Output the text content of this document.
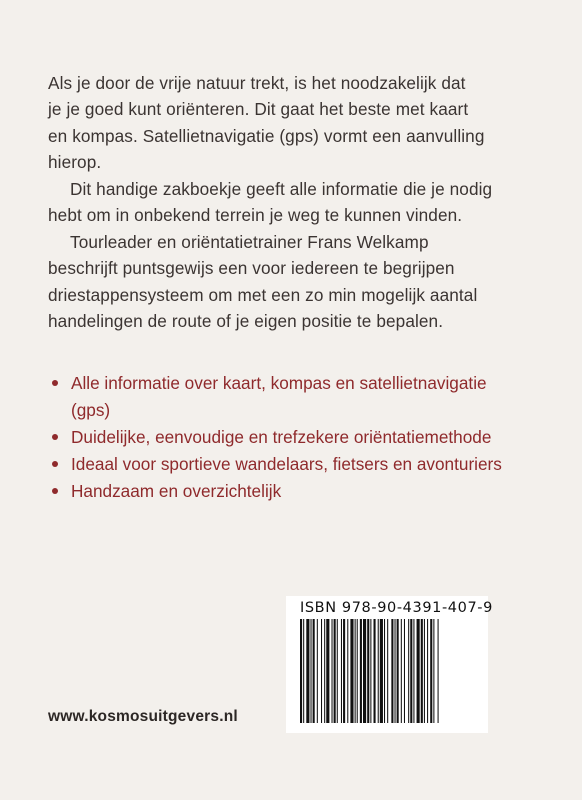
Als je door de vrije natuur trekt, is het noodzakelijk dat
je je goed kunt oriënteren. Dit gaat het beste met kaart
en kompas. Satellietnavigatie (gps) vormt een aanvulling
hierop.

Dit handige zakboekje geeft alle informatie die je nodig
hebt om in onbekend terrein je weg te kunnen vinden.

Tourleader en oriëntatietrainer Frans Welkamp
beschrijft puntsgewijs een voor iedereen te begrijpen
driestappensysteem om met een zo min mogelijk aantal
handelingen de route of je eigen positie te bepalen.

Alle informatie over kaart, kompas en satellietnavigatie
(gps)
Duidelijke, eenvoudige en trefzekere oriëntatiemethode
Ideaal voor sportieve wandelaars, fietsers en avonturiers
Handzaam en overzichtelijk
ISBN 978-90-4391-407-9
www.kosmosuitgevers.nl
